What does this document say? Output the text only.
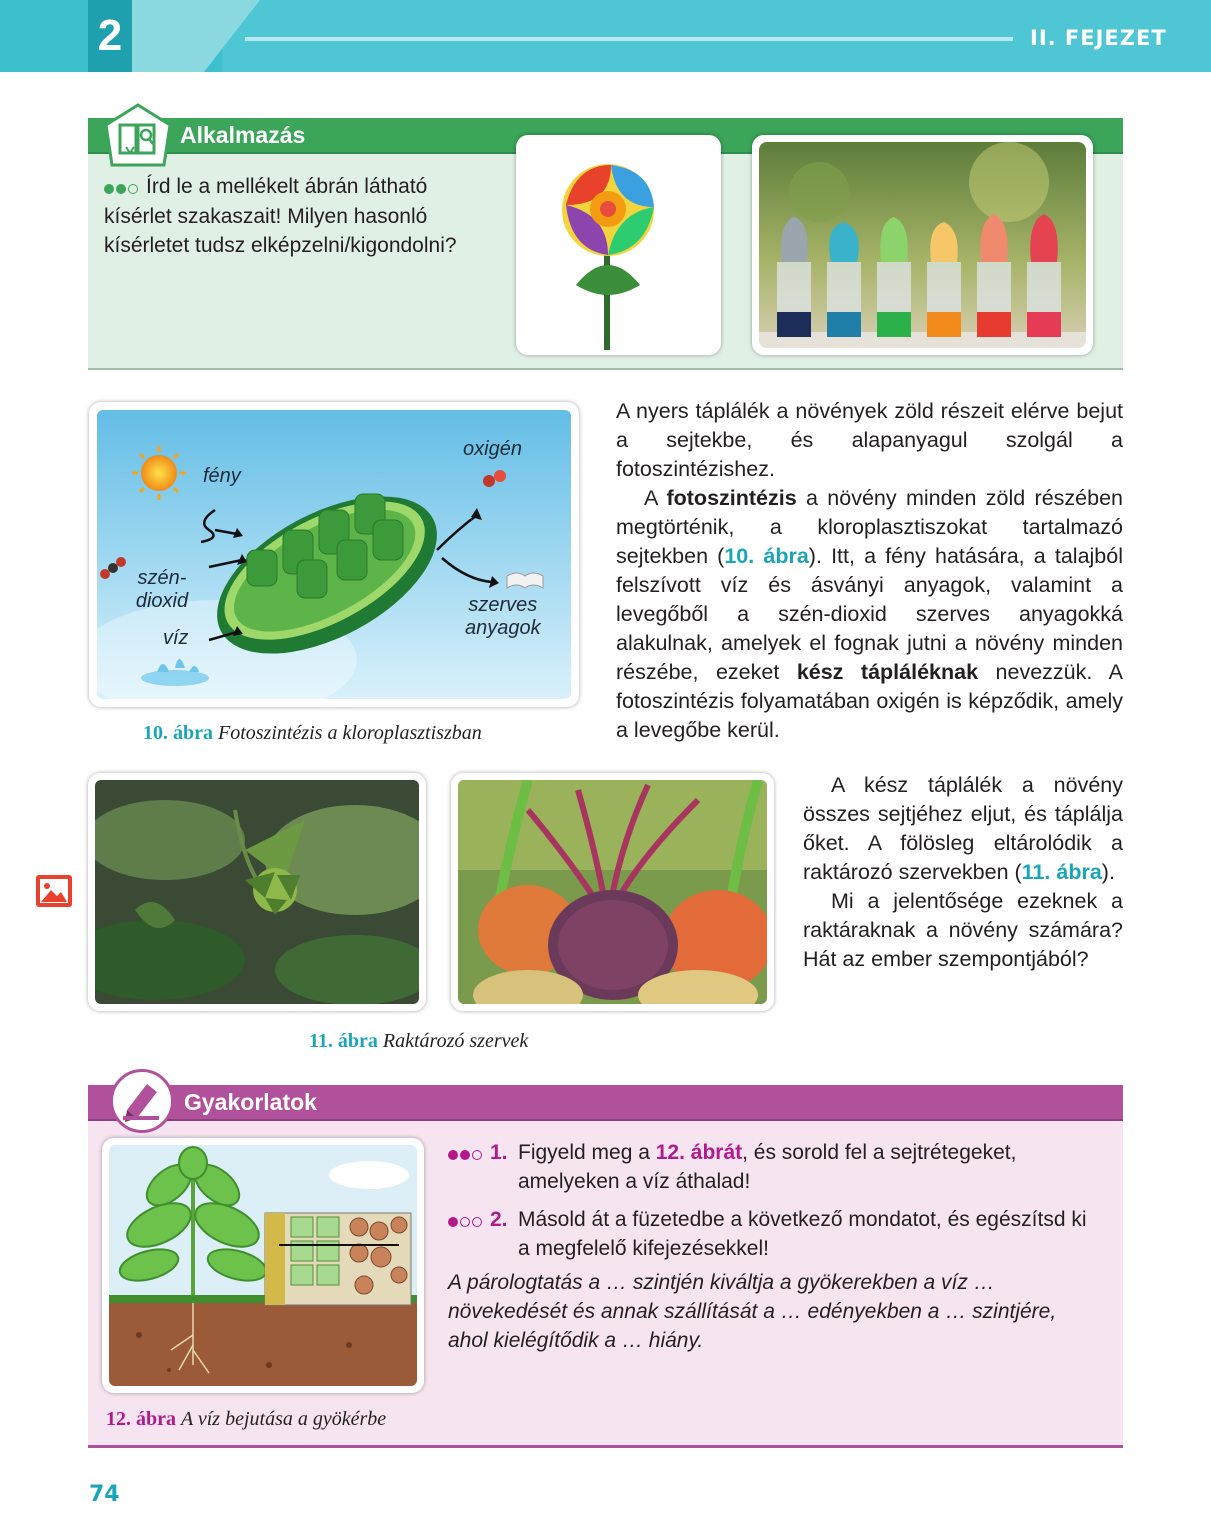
2	II. FEJEZET
Alkalmazás
Írd le a mellékelt ábrán látható kísérlet szakaszait! Milyen hasonló kísérletet tudsz elképzelni/kigondolni?
fény
oxigén
szén-
dioxid
víz
szerves
anyagok
10. ábra Fotoszintézis a kloroplasztiszban
A nyers táplálék a növények zöld részeit elérve bejut a sejtekbe, és alapanyagul szolgál a fotoszintézishez.
A fotoszintézis a növény minden zöld részében megtörténik, a kloroplasztiszokat tartalmazó sejtekben (10. ábra). Itt, a fény hatására, a talajból felszívott víz és ásványi anyagok, valamint a levegőből a szén-dioxid szerves anyagokká alakulnak, amelyek el fognak jutni a növény minden részébe, ezeket kész tápláléknak nevezzük. A fotoszintézis folyamatában oxigén is képződik, amely a levegőbe kerül.
A kész táplálék a növény összes sejtjéhez eljut, és táplálja őket. A fölösleg eltárolódik a raktározó szervekben (11. ábra).
Mi a jelentősége ezeknek a raktáraknak a növény számára? Hát az ember szempontjából?
11. ábra Raktározó szervek
Gyakorlatok
1. Figyeld meg a 12. ábrát, és sorold fel a sejtrétegeket, amelyeken a víz áthalad!
2. Másold át a füzetedbe a következő mondatot, és egészítsd ki a megfelelő kifejezésekkel!
A párologtatás a … szintjén kiváltja a gyökerekben a víz … növekedését és annak szállítását a … edényekben a … szintjére, ahol kielégítődik a … hiány.
12. ábra A víz bejutása a gyökérbe
74
